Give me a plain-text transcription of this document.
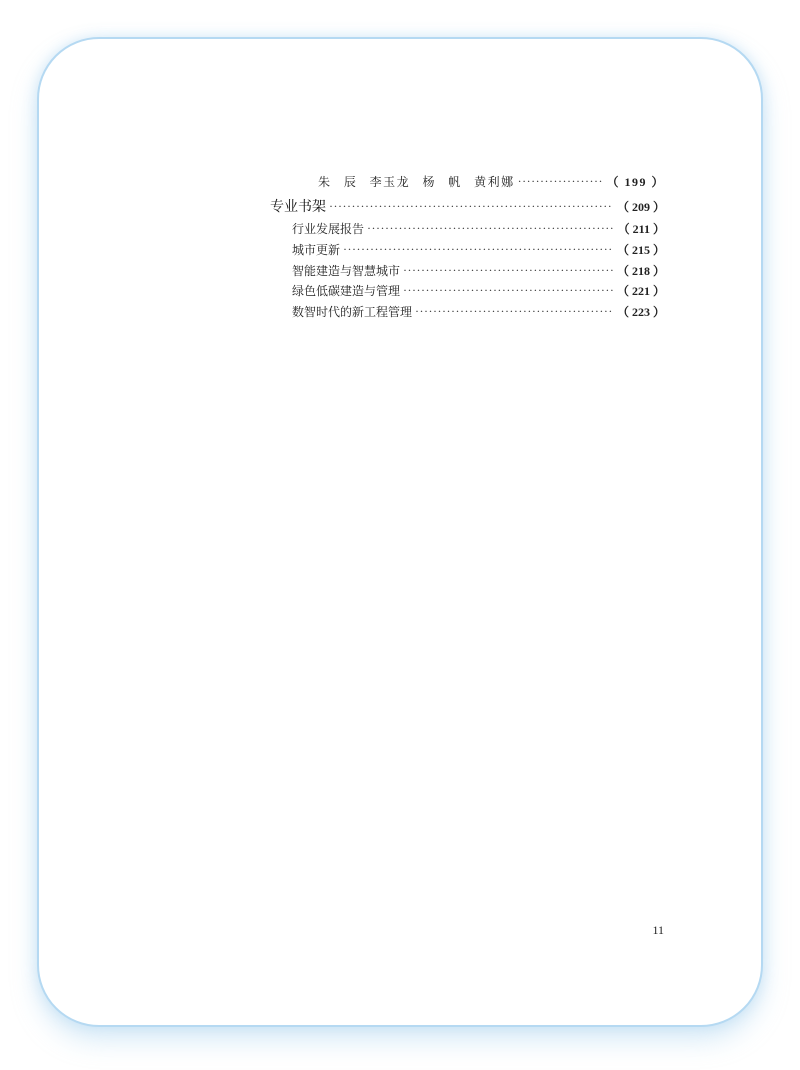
朱 辰 李玉龙 杨 帆 黄利娜 ·····	（ 199 ）
专业书架 ·····	（ 209 ）
行业发展报告 ·····	（ 211 ）
城市更新 ·····	（ 215 ）
智能建造与智慧城市 ·····	（ 218 ）
绿色低碳建造与管理 ·····	（ 221 ）
数智时代的新工程管理 ·····	（ 223 ）
11
